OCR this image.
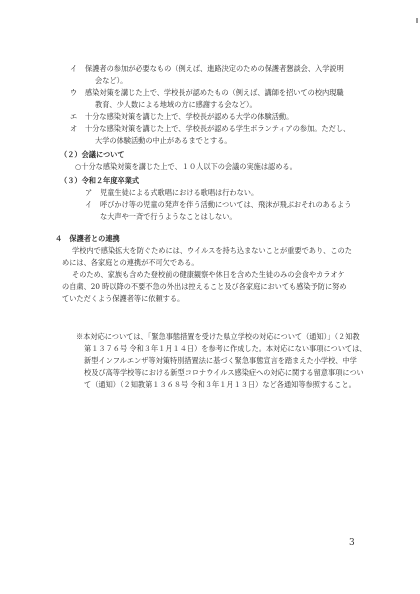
イ 保護者の参加が必要なもの（例えば、進路決定のための保護者懇談会、入学説明
会など）。
ウ 感染対策を講じた上で、学校長が認めたもの（例えば、講師を招いての校内現職
教育、少人数による地域の方に感謝する会など）。
エ 十分な感染対策を講じた上で、学校長が認める大学の体験活動。
オ 十分な感染対策を講じた上で、学校長が認める学生ボランティアの参加。ただし、
大学の体験活動の中止があるまでとする。
（２）会議について
○十分な感染対策を講じた上で、１０人以下の会議の実施は認める。
（３）令和２年度卒業式
ア 児童生徒による式歌唱における歌唱は行わない。
イ 呼びかけ等の児童の発声を伴う活動については、飛沫が飛ぶおそれのあるよう
な大声や一斉で行うようなことはしない。
４　保護者との連携
学校内で感染拡大を防ぐためには、ウイルスを持ち込まないことが重要であり、このた
めには、各家庭との連携が不可欠である。
そのため、家族も含めた登校前の健康観察や休日を含めた生徒のみの会食やカラオケ
の自粛、20 時以降の不要不急の外出は控えること及び各家庭においても感染予防に努め
ていただくよう保護者等に依頼する。
※本対応については、「緊急事態措置を受けた県立学校の対応について（通知）」（２知教
第１３７６号 令和３年１月１４日）を参考に作成した。本対応にない事項については、
新型インフルエンザ等対策特別措置法に基づく緊急事態宣言を踏まえた小学校、中学
校及び高等学校等における新型コロナウイルス感染症への対応に関する留意事項につい
て（通知）（２知教第１３６８号 令和３年１月１３日）など各通知等参照すること。
3
